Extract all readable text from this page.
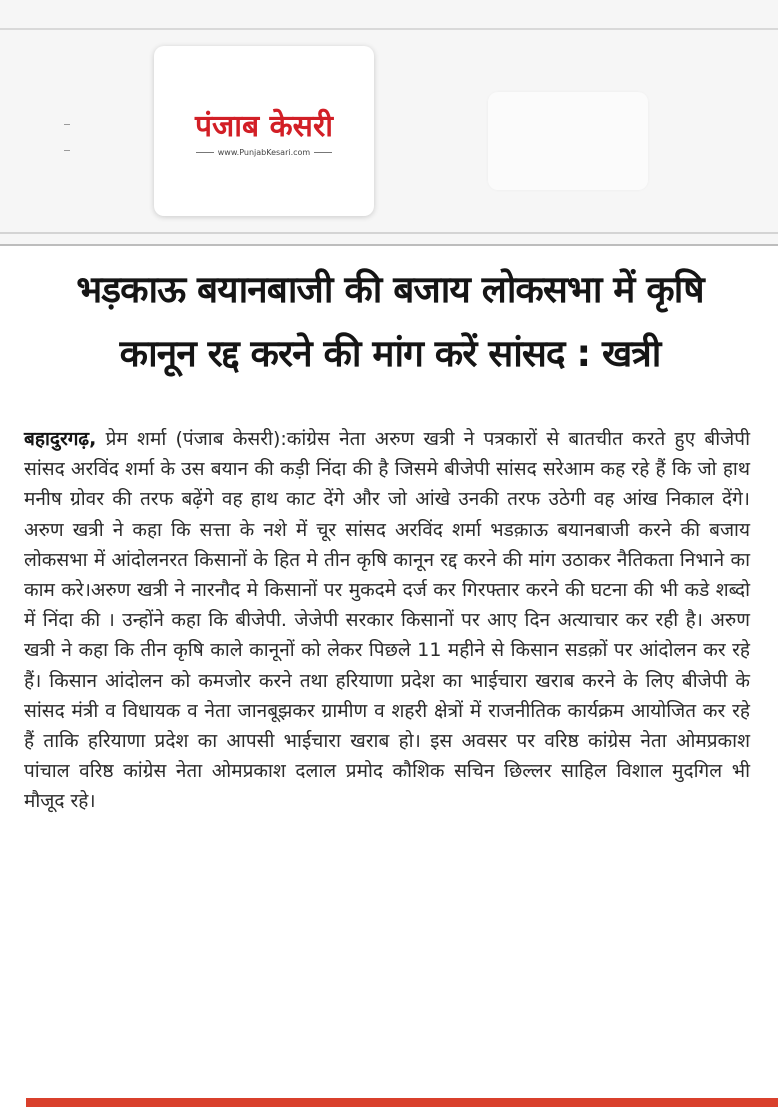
पंजाब केसरी
www.PunjabKesari.com
भड़काऊ बयानबाजी की बजाय लोकसभा में कृषि
कानून रद्द करने की मांग करें सांसद : खत्री

बहादुरगढ़, प्रेम शर्मा (पंजाब केसरी):कांग्रेस नेता अरुण खत्री ने पत्रकारों से बातचीत करते हुए बीजेपी सांसद अरविंद शर्मा के उस बयान की कड़ी निंदा की है जिसमे बीजेपी सांसद सरेआम कह रहे हैं कि जो हाथ मनीष ग्रोवर की तरफ बढ़ेंगे वह हाथ काट देंगे और जो आंखे उनकी तरफ उठेगी वह आंख निकाल देंगे। अरुण खत्री ने कहा कि सत्ता के नशे में चूर सांसद अरविंद शर्मा भडक़ाऊ बयानबाजी करने की बजाय लोकसभा में आंदोलनरत किसानों के हित मे तीन कृषि कानून रद्द करने की मांग उठाकर नैतिकता निभाने का काम करे।अरुण खत्री ने नारनौद मे किसानों पर मुकदमे दर्ज कर गिरफ्तार करने की घटना की भी कडे शब्दो में निंदा की । उन्होंने कहा कि बीजेपी. जेजेपी सरकार किसानों पर आए दिन अत्याचार कर रही है। अरुण खत्री ने कहा कि तीन कृषि काले कानूनों को लेकर पिछले 11 महीने से किसान सडक़ों पर आंदोलन कर रहे हैं। किसान आंदोलन को कमजोर करने तथा हरियाणा प्रदेश का भाईचारा खराब करने के लिए बीजेपी के सांसद मंत्री व विधायक व नेता जानबूझकर ग्रामीण व शहरी क्षेत्रों में राजनीतिक कार्यक्रम आयोजित कर रहे हैं ताकि हरियाणा प्रदेश का आपसी भाईचारा खराब हो। इस अवसर पर वरिष्ठ कांग्रेस नेता ओमप्रकाश पांचाल वरिष्ठ कांग्रेस नेता ओमप्रकाश दलाल प्रमोद कौशिक सचिन छिल्लर साहिल विशाल मुदगिल भी मौजूद रहे।
